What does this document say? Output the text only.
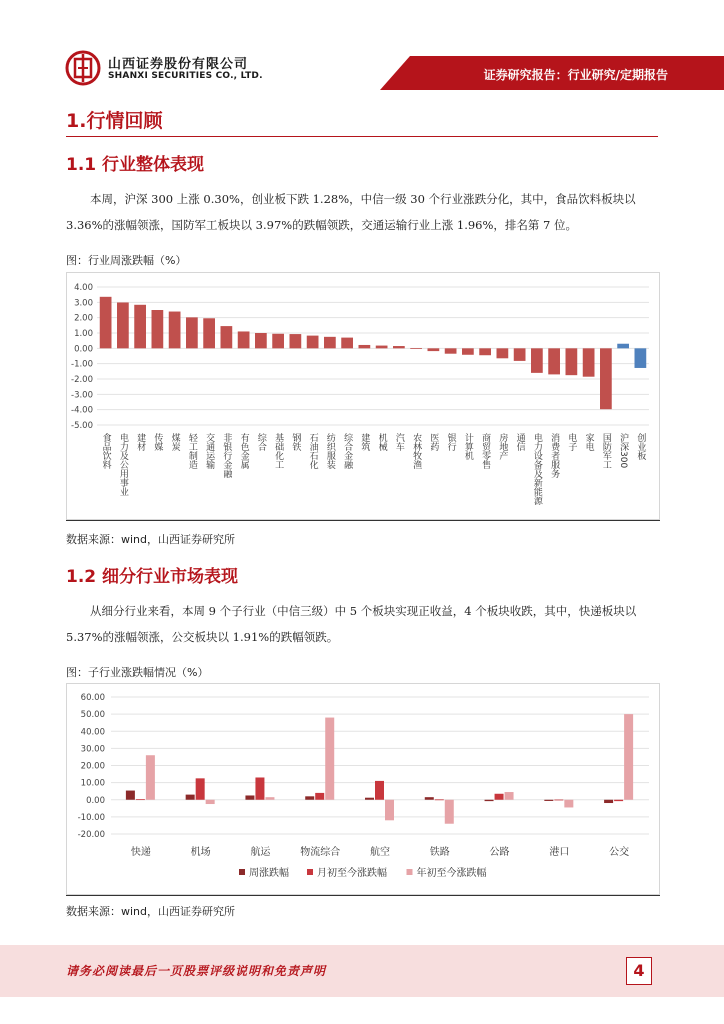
山西证券股份有限公司
SHANXI SECURITIES CO., LTD.	证券研究报告：行业研究/定期报告
1.行情回顾
1.1 行业整体表现
本周，沪深 300 上涨 0.30%，创业板下跌 1.28%，中信一级 30 个行业涨跌分化，其中，食品饮料板块以 3.36%的涨幅领涨，国防军工板块以 3.97%的跌幅领跌，交通运输行业上涨 1.96%，排名第 7 位。
图：行业周涨跌幅（%）
4.00
3.00
2.00
1.00
0.00
-1.00
-2.00
-3.00
-4.00
-5.00
食品饮料 电力及公用事业 建材 传媒 煤炭 轻工制造 交通运输 非银行金融 有色金属 综合 基础化工 钢铁 石油石化 纺织服装 综合金融 建筑 机械 汽车 农林牧渔 医药 银行 计算机 商贸零售 房地产 通信 电力设备及新能源 消费者服务 电子 家电 国防军工 沪深300 创业板
数据来源：wind，山西证券研究所
1.2 细分行业市场表现
从细分行业来看，本周 9 个子行业（中信三级）中 5 个板块实现正收益，4 个板块收跌，其中，快递板块以 5.37%的涨幅领涨，公交板块以 1.91%的跌幅领跌。
图：子行业涨跌幅情况（%）
60.00
50.00
40.00
30.00
20.00
10.00
0.00
-10.00
-20.00
快递	机场	航运	物流综合	航空	铁路	公路	港口	公交
周涨跌幅	月初至今涨跌幅	年初至今涨跌幅
数据来源：wind，山西证券研究所
请务必阅读最后一页股票评级说明和免责声明	4
